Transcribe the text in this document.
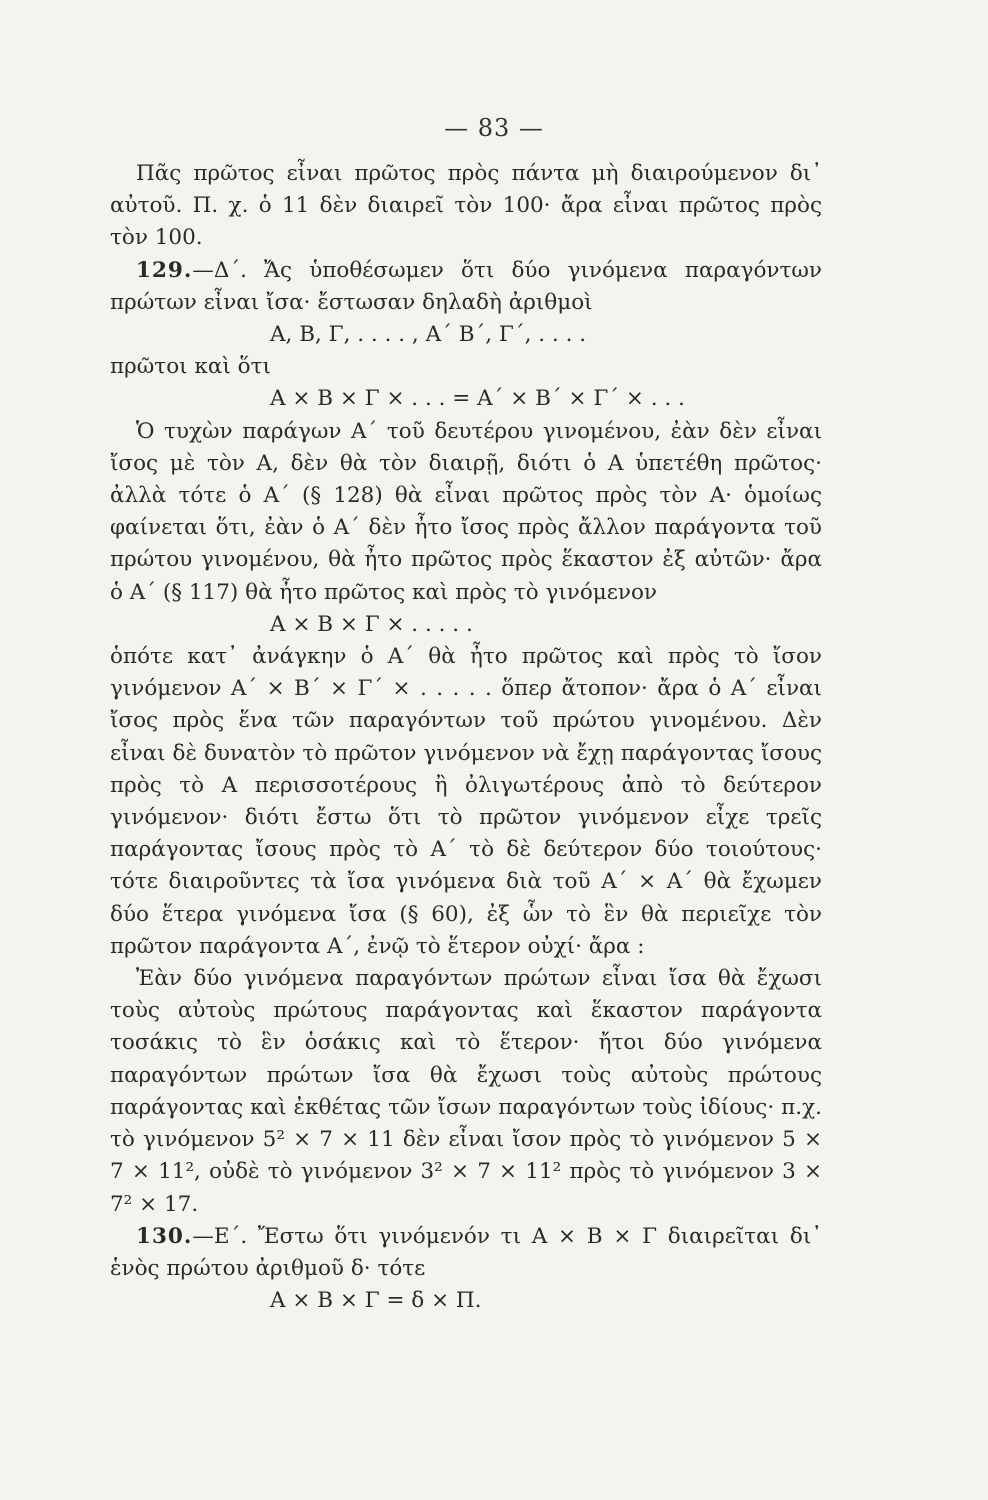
— 83 —

Πᾶς πρῶτος εἶναι πρῶτος πρὸς πάντα μὴ διαιρούμενον δι᾽ αὐτοῦ. Π. χ. ὁ 11 δὲν διαιρεῖ τὸν 100· ἄρα εἶναι πρῶτος πρὸς τὸν 100.

129.—Δ΄. Ἄς ὑποθέσωμεν ὅτι δύο γινόμενα παραγόντων πρώτων εἶναι ἴσα· ἔστωσαν δηλαδὴ ἀριθμοὶ

Α, Β, Γ, . . . . , Α΄ Β΄, Γ΄, . . . .

πρῶτοι καὶ ὅτι

Α × Β × Γ × . . . = Α΄ × Β΄ × Γ΄ × . . .

Ὁ τυχὼν παράγων Α΄ τοῦ δευτέρου γινομένου, ἐὰν δὲν εἶναι ἴσος μὲ τὸν Α, δὲν θὰ τὸν διαιρῇ, διότι ὁ Α ὑπετέθη πρῶτος· ἀλλὰ τότε ὁ Α΄ (§ 128) θὰ εἶναι πρῶτος πρὸς τὸν Α· ὁμοίως φαίνεται ὅτι, ἐὰν ὁ Α΄ δὲν ἦτο ἴσος πρὸς ἄλλον παράγοντα τοῦ πρώτου γινομένου, θὰ ἦτο πρῶτος πρὸς ἕκαστον ἐξ αὐτῶν· ἄρα ὁ Α΄ (§ 117) θὰ ἦτο πρῶτος καὶ πρὸς τὸ γινόμενον

Α × Β × Γ × . . . . .

ὁπότε κατ᾽ ἀνάγκην ὁ Α΄ θὰ ἦτο πρῶτος καὶ πρὸς τὸ ἴσον γινόμενον Α΄ × Β΄ × Γ΄ × . . . . . ὅπερ ἄτοπον· ἄρα ὁ Α΄ εἶναι ἴσος πρὸς ἕνα τῶν παραγόντων τοῦ πρώτου γινομένου. Δὲν εἶναι δὲ δυνατὸν τὸ πρῶτον γινόμενον νὰ ἔχῃ παράγοντας ἴσους πρὸς τὸ Α περισσοτέρους ἢ ὀλιγωτέρους ἀπὸ τὸ δεύτερον γινόμενον· διότι ἔστω ὅτι τὸ πρῶτον γινόμενον εἶχε τρεῖς παράγοντας ἴσους πρὸς τὸ Α΄ τὸ δὲ δεύτερον δύο τοιούτους· τότε διαιροῦντες τὰ ἴσα γινόμενα διὰ τοῦ Α΄ × Α΄ θὰ ἔχωμεν δύο ἕτερα γινόμενα ἴσα (§ 60), ἐξ ὧν τὸ ἓν θὰ περιεῖχε τὸν πρῶτον παράγοντα Α΄, ἐνῷ τὸ ἕτερον οὐχί· ἄρα :

Ἐὰν δύο γινόμενα παραγόντων πρώτων εἶναι ἴσα θὰ ἔχωσι τοὺς αὐτοὺς πρώτους παράγοντας καὶ ἕκαστον παράγοντα τοσάκις τὸ ἓν ὁσάκις καὶ τὸ ἕτερον· ἤτοι δύο γινόμενα παραγόντων πρώτων ἴσα θὰ ἔχωσι τοὺς αὐτοὺς πρώτους παράγοντας καὶ ἐκθέτας τῶν ἴσων παραγόντων τοὺς ἰδίους· π.χ. τὸ γινόμενον 5² × 7 × 11 δὲν εἶναι ἴσον πρὸς τὸ γινόμενον 5 × 7 × 11², οὐδὲ τὸ γινόμενον 3² × 7 × 11² πρὸς τὸ γινόμενον 3 × 7² × 17.

130.—Ε΄. Ἔστω ὅτι γινόμενόν τι Α × Β × Γ διαιρεῖται δι᾽ ἑνὸς πρώτου ἀριθμοῦ δ· τότε

Α × Β × Γ = δ × Π.
